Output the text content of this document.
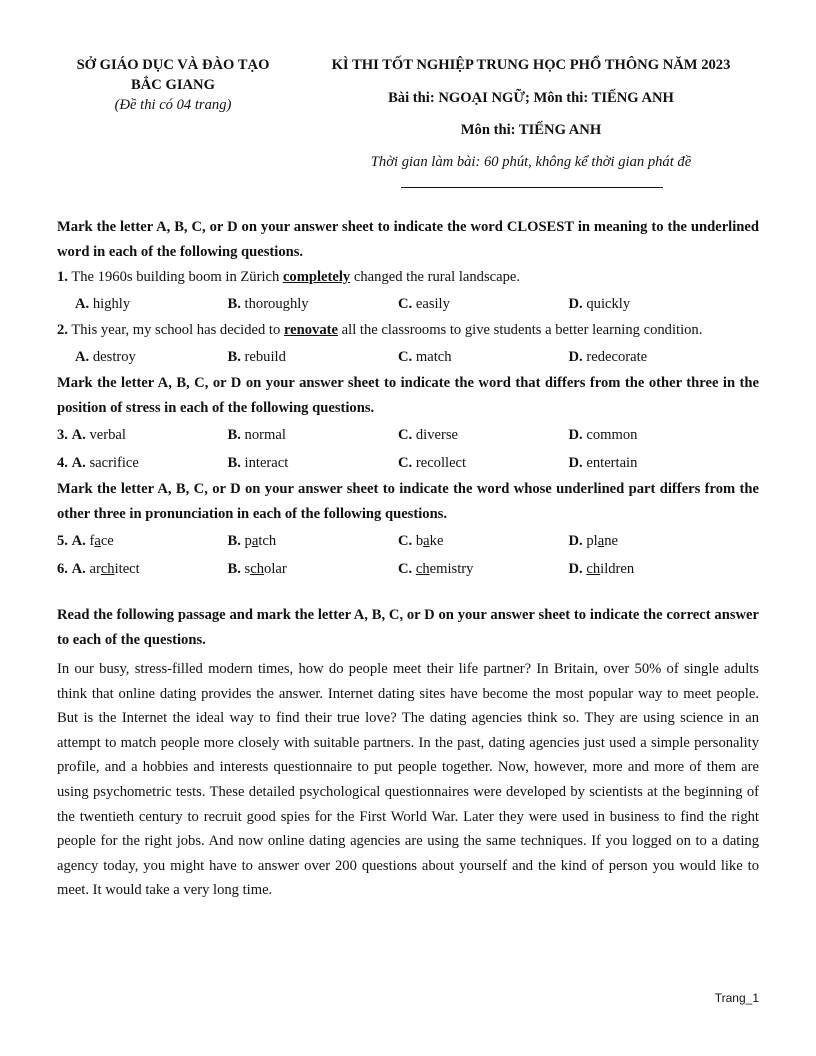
SỞ GIÁO DỤC VÀ ĐÀO TẠO
BẮC GIANG
(Đề thi có 04 trang)
KÌ THI TỐT NGHIỆP TRUNG HỌC PHỔ THÔNG NĂM 2023
Bài thi: NGOẠI NGỮ; Môn thi: TIẾNG ANH
Môn thi: TIẾNG ANH
Thời gian làm bài: 60 phút, không kể thời gian phát đề
Mark the letter A, B, C, or D on your answer sheet to indicate the word CLOSEST in meaning to the underlined word in each of the following questions.
1. The 1960s building boom in Zürich completely changed the rural landscape.
A. highly	B. thoroughly	C. easily	D. quickly
2. This year, my school has decided to renovate all the classrooms to give students a better learning condition.
A. destroy	B. rebuild	C. match	D. redecorate
Mark the letter A, B, C, or D on your answer sheet to indicate the word that differs from the other three in the position of stress in each of the following questions.
3. A. verbal	B. normal	C. diverse	D. common
4. A. sacrifice	B. interact	C. recollect	D. entertain
Mark the letter A, B, C, or D on your answer sheet to indicate the word whose underlined part differs from the other three in pronunciation in each of the following questions.
5. A. face	B. patch	C. bake	D. plane
6. A. architect	B. scholar	C. chemistry	D. children
Read the following passage and mark the letter A, B, C, or D on your answer sheet to indicate the correct answer to each of the questions.
In our busy, stress-filled modern times, how do people meet their life partner? In Britain, over 50% of single adults think that online dating provides the answer. Internet dating sites have become the most popular way to meet people. But is the Internet the ideal way to find their true love? The dating agencies think so. They are using science in an attempt to match people more closely with suitable partners. In the past, dating agencies just used a simple personality profile, and a hobbies and interests questionnaire to put people together. Now, however, more and more of them are using psychometric tests. These detailed psychological questionnaires were developed by scientists at the beginning of the twentieth century to recruit good spies for the First World War. Later they were used in business to find the right people for the right jobs. And now online dating agencies are using the same techniques. If you logged on to a dating agency today, you might have to answer over 200 questions about yourself and the kind of person you would like to meet. It would take a very long time.
Trang_1
